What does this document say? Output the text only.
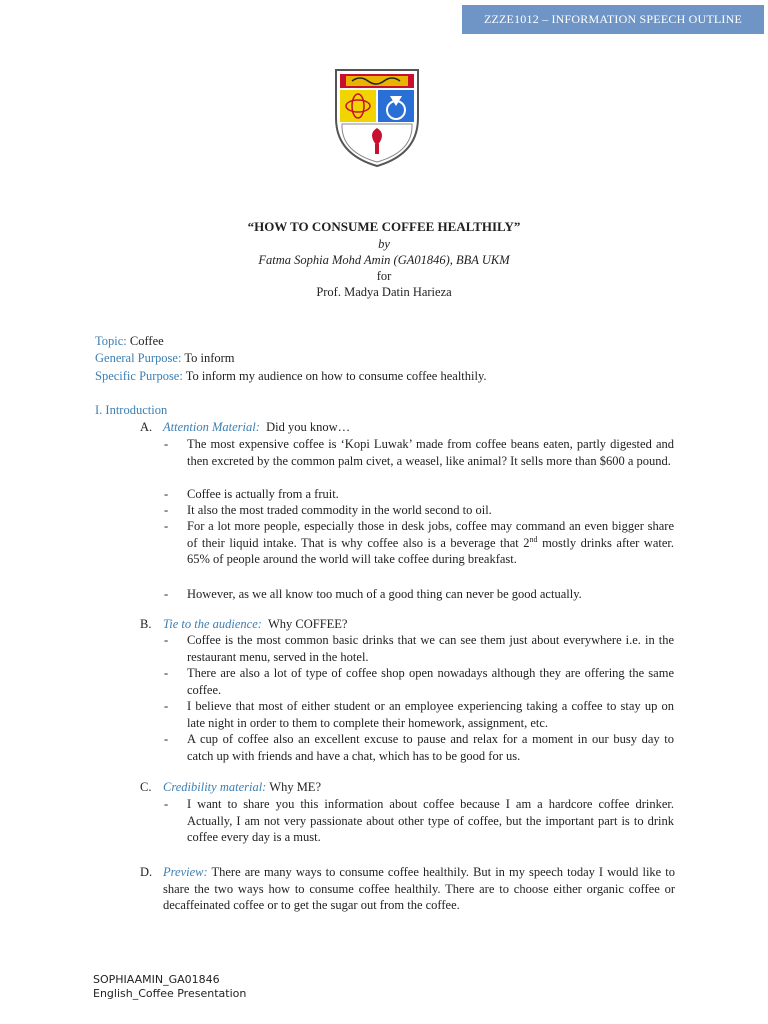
ZZZE1012 – INFORMATION SPEECH OUTLINE
“HOW TO CONSUME COFFEE HEALTHILY”
by
Fatma Sophia Mohd Amin (GA01846), BBA UKM
for
Prof. Madya Datin Harieza
Topic: Coffee
General Purpose: To inform
Specific Purpose: To inform my audience on how to consume coffee healthily.
I. Introduction
A. Attention Material: Did you know…
- The most expensive coffee is ‘Kopi Luwak’ made from coffee beans eaten, partly digested and then excreted by the common palm civet, a weasel, like animal? It sells more than $600 a pound.
- Coffee is actually from a fruit.
- It also the most traded commodity in the world second to oil.
- For a lot more people, especially those in desk jobs, coffee may command an even bigger share of their liquid intake. That is why coffee also is a beverage that 2nd mostly drinks after water. 65% of people around the world will take coffee during breakfast.
- However, as we all know too much of a good thing can never be good actually.
B. Tie to the audience: Why COFFEE?
- Coffee is the most common basic drinks that we can see them just about everywhere i.e. in the restaurant menu, served in the hotel.
- There are also a lot of type of coffee shop open nowadays although they are offering the same coffee.
- I believe that most of either student or an employee experiencing taking a coffee to stay up on late night in order to them to complete their homework, assignment, etc.
- A cup of coffee also an excellent excuse to pause and relax for a moment in our busy day to catch up with friends and have a chat, which has to be good for us.
C. Credibility material: Why ME?
- I want to share you this information about coffee because I am a hardcore coffee drinker. Actually, I am not very passionate about other type of coffee, but the important part is to drink coffee every day is a must.
D. Preview: There are many ways to consume coffee healthily. But in my speech today I would like to share the two ways how to consume coffee healthily. There are to choose either organic coffee or decaffeinated coffee or to get the sugar out from the coffee.
SOPHIAAMIN_GA01846
English_Coffee Presentation
